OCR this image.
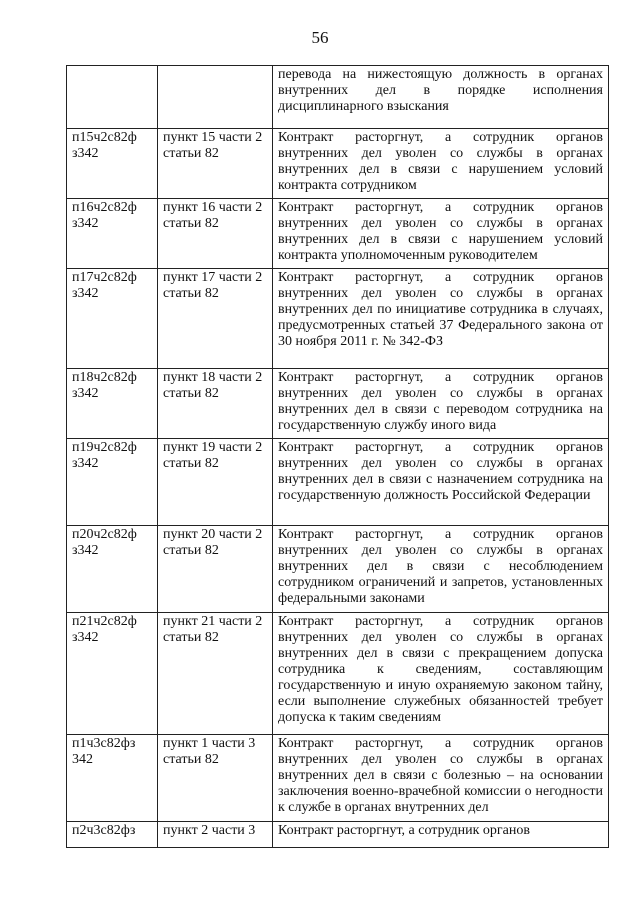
56
		перевода на нижестоящую должность в органах внутренних дел в порядке исполнения дисциплинарного взыскания
п15ч2с82ф з342	пункт 15 части 2 статьи 82	Контракт расторгнут, а сотрудник органов внутренних дел уволен со службы в органах внутренних дел в связи с нарушением условий контракта сотрудником
п16ч2с82ф з342	пункт 16 части 2 статьи 82	Контракт расторгнут, а сотрудник органов внутренних дел уволен со службы в органах внутренних дел в связи с нарушением условий контракта уполномоченным руководителем
п17ч2с82ф з342	пункт 17 части 2 статьи 82	Контракт расторгнут, а сотрудник органов внутренних дел уволен со службы в органах внутренних дел по инициативе сотрудника в случаях, предусмотренных статьей 37 Федерального закона от 30 ноября 2011 г. № 342-ФЗ
п18ч2с82ф з342	пункт 18 части 2 статьи 82	Контракт расторгнут, а сотрудник органов внутренних дел уволен со службы в органах внутренних дел в связи с переводом сотрудника на государственную службу иного вида
п19ч2с82ф з342	пункт 19 части 2 статьи 82	Контракт расторгнут, а сотрудник органов внутренних дел уволен со службы в органах внутренних дел в связи с назначением сотрудника на государственную должность Российской Федерации
п20ч2с82ф з342	пункт 20 части 2 статьи 82	Контракт расторгнут, а сотрудник органов внутренних дел уволен со службы в органах внутренних дел в связи с несоблюдением сотрудником ограничений и запретов, установленных федеральными законами
п21ч2с82ф з342	пункт 21 части 2 статьи 82	Контракт расторгнут, а сотрудник органов внутренних дел уволен со службы в органах внутренних дел в связи с прекращением допуска сотрудника к сведениям, составляющим государственную и иную охраняемую законом тайну, если выполнение служебных обязанностей требует допуска к таким сведениям
п1ч3с82фз 342	пункт 1 части 3 статьи 82	Контракт расторгнут, а сотрудник органов внутренних дел уволен со службы в органах внутренних дел в связи с болезнью – на основании заключения военно-врачебной комиссии о негодности к службе в органах внутренних дел
п2ч3с82фз	пункт 2 части 3	Контракт расторгнут, а сотрудник органов
